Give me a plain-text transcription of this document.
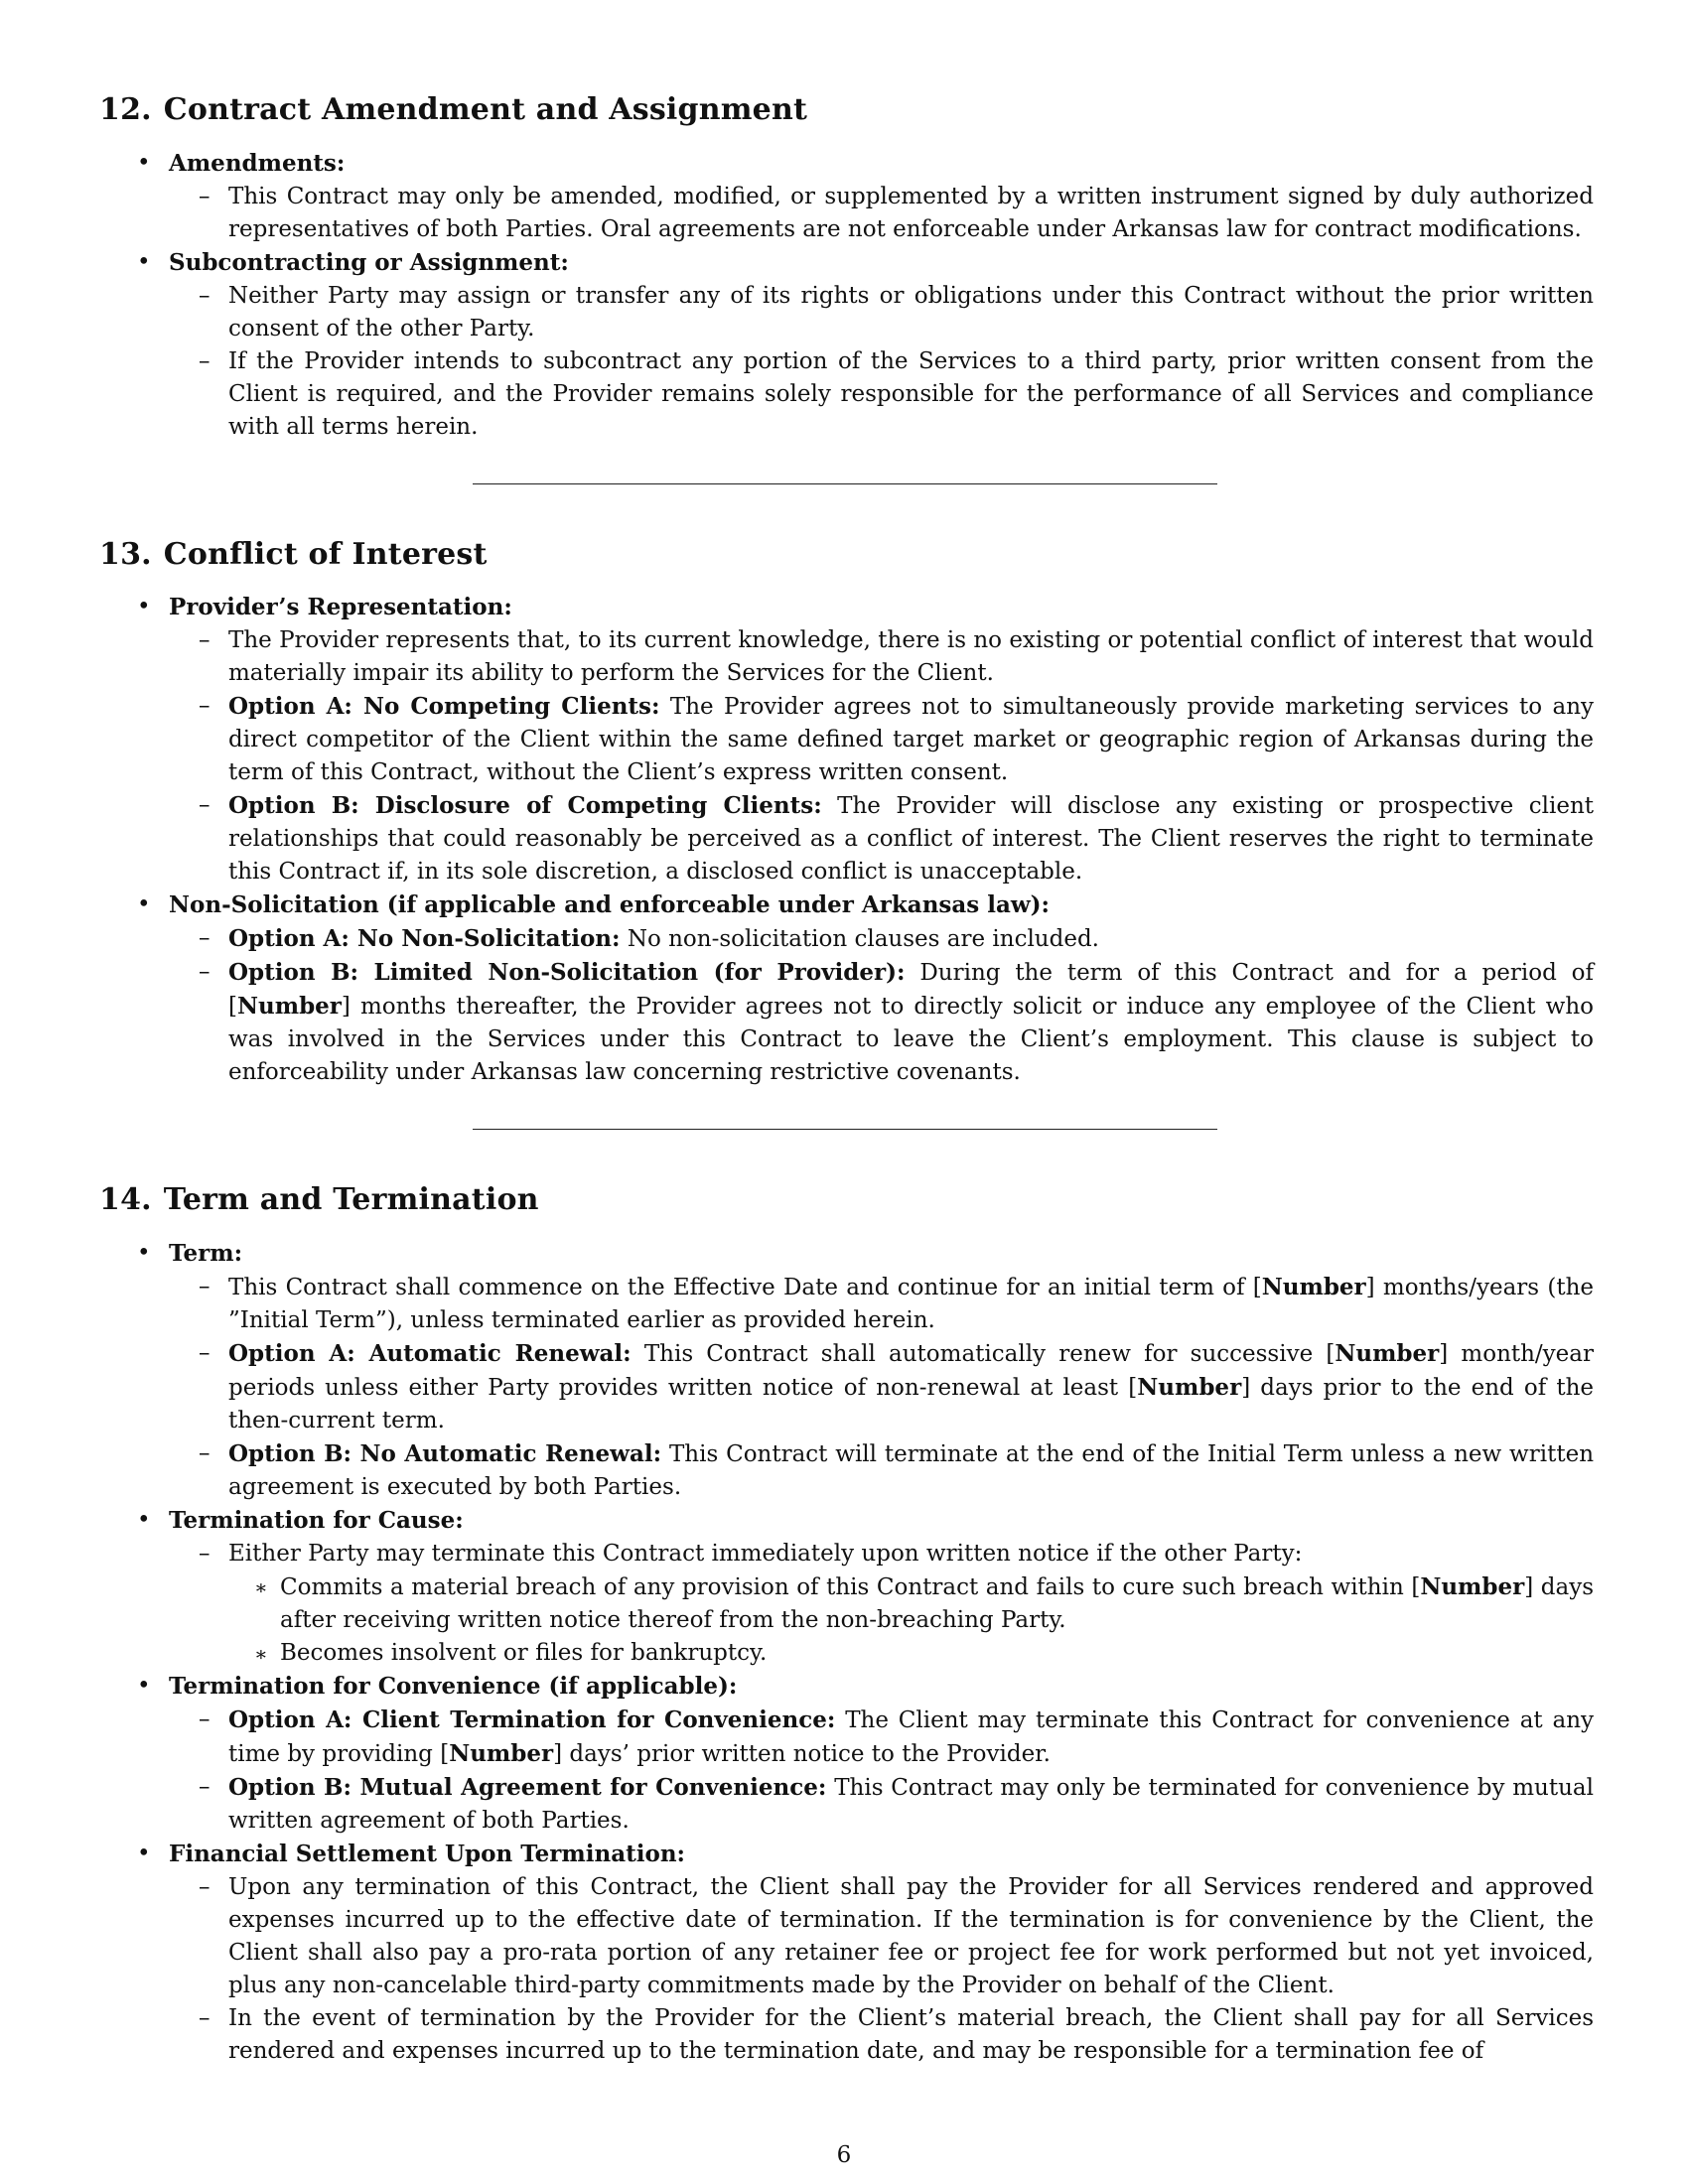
12. Contract Amendment and Assignment
• Amendments:
– This Contract may only be amended, modified, or supplemented by a written instrument signed by duly authorized representatives of both Parties. Oral agreements are not enforceable under Arkansas law for contract modifications.
• Subcontracting or Assignment:
– Neither Party may assign or transfer any of its rights or obligations under this Contract without the prior written consent of the other Party.
– If the Provider intends to subcontract any portion of the Services to a third party, prior written consent from the Client is required, and the Provider remains solely responsible for the performance of all Services and compliance with all terms herein.
13. Conflict of Interest
• Provider’s Representation:
– The Provider represents that, to its current knowledge, there is no existing or potential conflict of interest that would materially impair its ability to perform the Services for the Client.
– Option A: No Competing Clients: The Provider agrees not to simultaneously provide marketing services to any direct competitor of the Client within the same defined target market or geographic region of Arkansas during the term of this Contract, without the Client’s express written consent.
– Option B: Disclosure of Competing Clients: The Provider will disclose any existing or prospective client relationships that could reasonably be perceived as a conflict of interest. The Client reserves the right to terminate this Contract if, in its sole discretion, a disclosed conflict is unacceptable.
• Non-Solicitation (if applicable and enforceable under Arkansas law):
– Option A: No Non-Solicitation: No non-solicitation clauses are included.
– Option B: Limited Non-Solicitation (for Provider): During the term of this Contract and for a period of [Number] months thereafter, the Provider agrees not to directly solicit or induce any employee of the Client who was involved in the Services under this Contract to leave the Client’s employment. This clause is subject to enforceability under Arkansas law concerning restrictive covenants.
14. Term and Termination
• Term:
– This Contract shall commence on the Effective Date and continue for an initial term of [Number] months/years (the ”Initial Term”), unless terminated earlier as provided herein.
– Option A: Automatic Renewal: This Contract shall automatically renew for successive [Number] month/year periods unless either Party provides written notice of non-renewal at least [Number] days prior to the end of the then-current term.
– Option B: No Automatic Renewal: This Contract will terminate at the end of the Initial Term unless a new written agreement is executed by both Parties.
• Termination for Cause:
– Either Party may terminate this Contract immediately upon written notice if the other Party:
∗ Commits a material breach of any provision of this Contract and fails to cure such breach within [Number] days after receiving written notice thereof from the non-breaching Party.
∗ Becomes insolvent or files for bankruptcy.
• Termination for Convenience (if applicable):
– Option A: Client Termination for Convenience: The Client may terminate this Contract for convenience at any time by providing [Number] days’ prior written notice to the Provider.
– Option B: Mutual Agreement for Convenience: This Contract may only be terminated for convenience by mutual written agreement of both Parties.
• Financial Settlement Upon Termination:
– Upon any termination of this Contract, the Client shall pay the Provider for all Services rendered and approved expenses incurred up to the effective date of termination. If the termination is for convenience by the Client, the Client shall also pay a pro-rata portion of any retainer fee or project fee for work performed but not yet invoiced, plus any non-cancelable third-party commitments made by the Provider on behalf of the Client.
– In the event of termination by the Provider for the Client’s material breach, the Client shall pay for all Services rendered and expenses incurred up to the termination date, and may be responsible for a termination fee of
6
